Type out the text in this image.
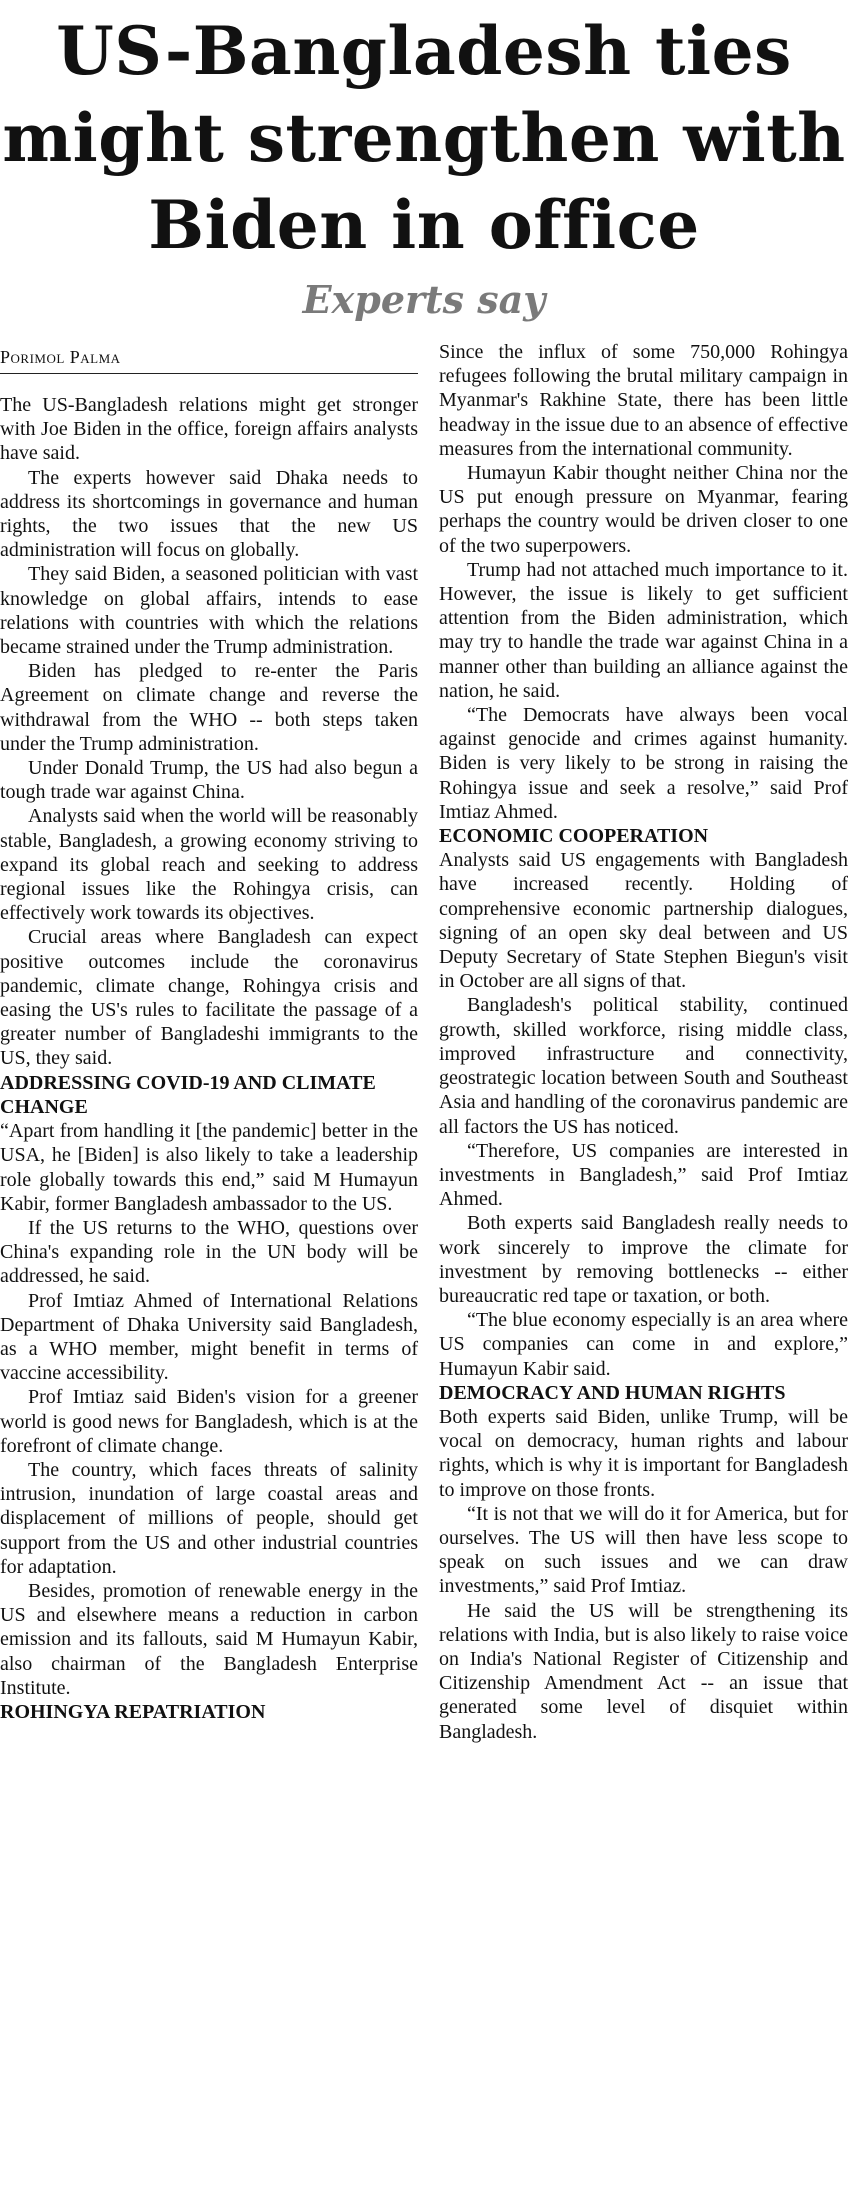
US-Bangladesh ties
might strengthen with
Biden in office
Experts say
Porimol Palma

The US-Bangladesh relations might get stronger with Joe Biden in the office, foreign affairs analysts have said.

The experts however said Dhaka needs to address its shortcomings in governance and human rights, the two issues that the new US administration will focus on globally.

They said Biden, a seasoned politician with vast knowledge on global affairs, intends to ease relations with countries with which the relations became strained under the Trump administration.

Biden has pledged to re-enter the Paris Agreement on climate change and reverse the withdrawal from the WHO -- both steps taken under the Trump administration.

Under Donald Trump, the US had also begun a tough trade war against China.

Analysts said when the world will be reasonably stable, Bangladesh, a growing economy striving to expand its global reach and seeking to address regional issues like the Rohingya crisis, can effectively work towards its objectives.

Crucial areas where Bangladesh can expect positive outcomes include the coronavirus pandemic, climate change, Rohingya crisis and easing the US's rules to facilitate the passage of a greater number of Bangladeshi immigrants to the US, they said.

ADDRESSING COVID-19 AND CLIMATE CHANGE

“Apart from handling it [the pandemic] better in the USA, he [Biden] is also likely to take a leadership role globally towards this end,” said M Humayun Kabir, former Bangladesh ambassador to the US.

If the US returns to the WHO, questions over China's expanding role in the UN body will be addressed, he said.

Prof Imtiaz Ahmed of International Relations Department of Dhaka University said Bangladesh, as a WHO member, might benefit in terms of vaccine accessibility.

Prof Imtiaz said Biden's vision for a greener world is good news for Bangladesh, which is at the forefront of climate change.

The country, which faces threats of salinity intrusion, inundation of large coastal areas and displacement of millions of people, should get support from the US and other industrial countries for adaptation.

Besides, promotion of renewable energy in the US and elsewhere means a reduction in carbon emission and its fallouts, said M Humayun Kabir, also chairman of the Bangladesh Enterprise Institute.

ROHINGYA REPATRIATION

Since the influx of some 750,000 Rohingya refugees following the brutal military campaign in Myanmar's Rakhine State, there has been little headway in the issue due to an absence of effective measures from the international community.

Humayun Kabir thought neither China nor the US put enough pressure on Myanmar, fearing perhaps the country would be driven closer to one of the two superpowers.

Trump had not attached much importance to it. However, the issue is likely to get sufficient attention from the Biden administration, which may try to handle the trade war against China in a manner other than building an alliance against the nation, he said.

“The Democrats have always been vocal against genocide and crimes against humanity. Biden is very likely to be strong in raising the Rohingya issue and seek a resolve,” said Prof Imtiaz Ahmed.

ECONOMIC COOPERATION

Analysts said US engagements with Bangladesh have increased recently. Holding of comprehensive economic partnership dialogues, signing of an open sky deal between and US Deputy Secretary of State Stephen Biegun's visit in October are all signs of that.

Bangladesh's political stability, continued growth, skilled workforce, rising middle class, improved infrastructure and connectivity, geostrategic location between South and Southeast Asia and handling of the coronavirus pandemic are all factors the US has noticed.

“Therefore, US companies are interested in investments in Bangladesh,” said Prof Imtiaz Ahmed.

Both experts said Bangladesh really needs to work sincerely to improve the climate for investment by removing bottlenecks -- either bureaucratic red tape or taxation, or both.

“The blue economy especially is an area where US companies can come in and explore,” Humayun Kabir said.

DEMOCRACY AND HUMAN RIGHTS

Both experts said Biden, unlike Trump, will be vocal on democracy, human rights and labour rights, which is why it is important for Bangladesh to improve on those fronts.

“It is not that we will do it for America, but for ourselves. The US will then have less scope to speak on such issues and we can draw investments,” said Prof Imtiaz.

He said the US will be strengthening its relations with India, but is also likely to raise voice on India's National Register of Citizenship and Citizenship Amendment Act -- an issue that generated some level of disquiet within Bangladesh.
